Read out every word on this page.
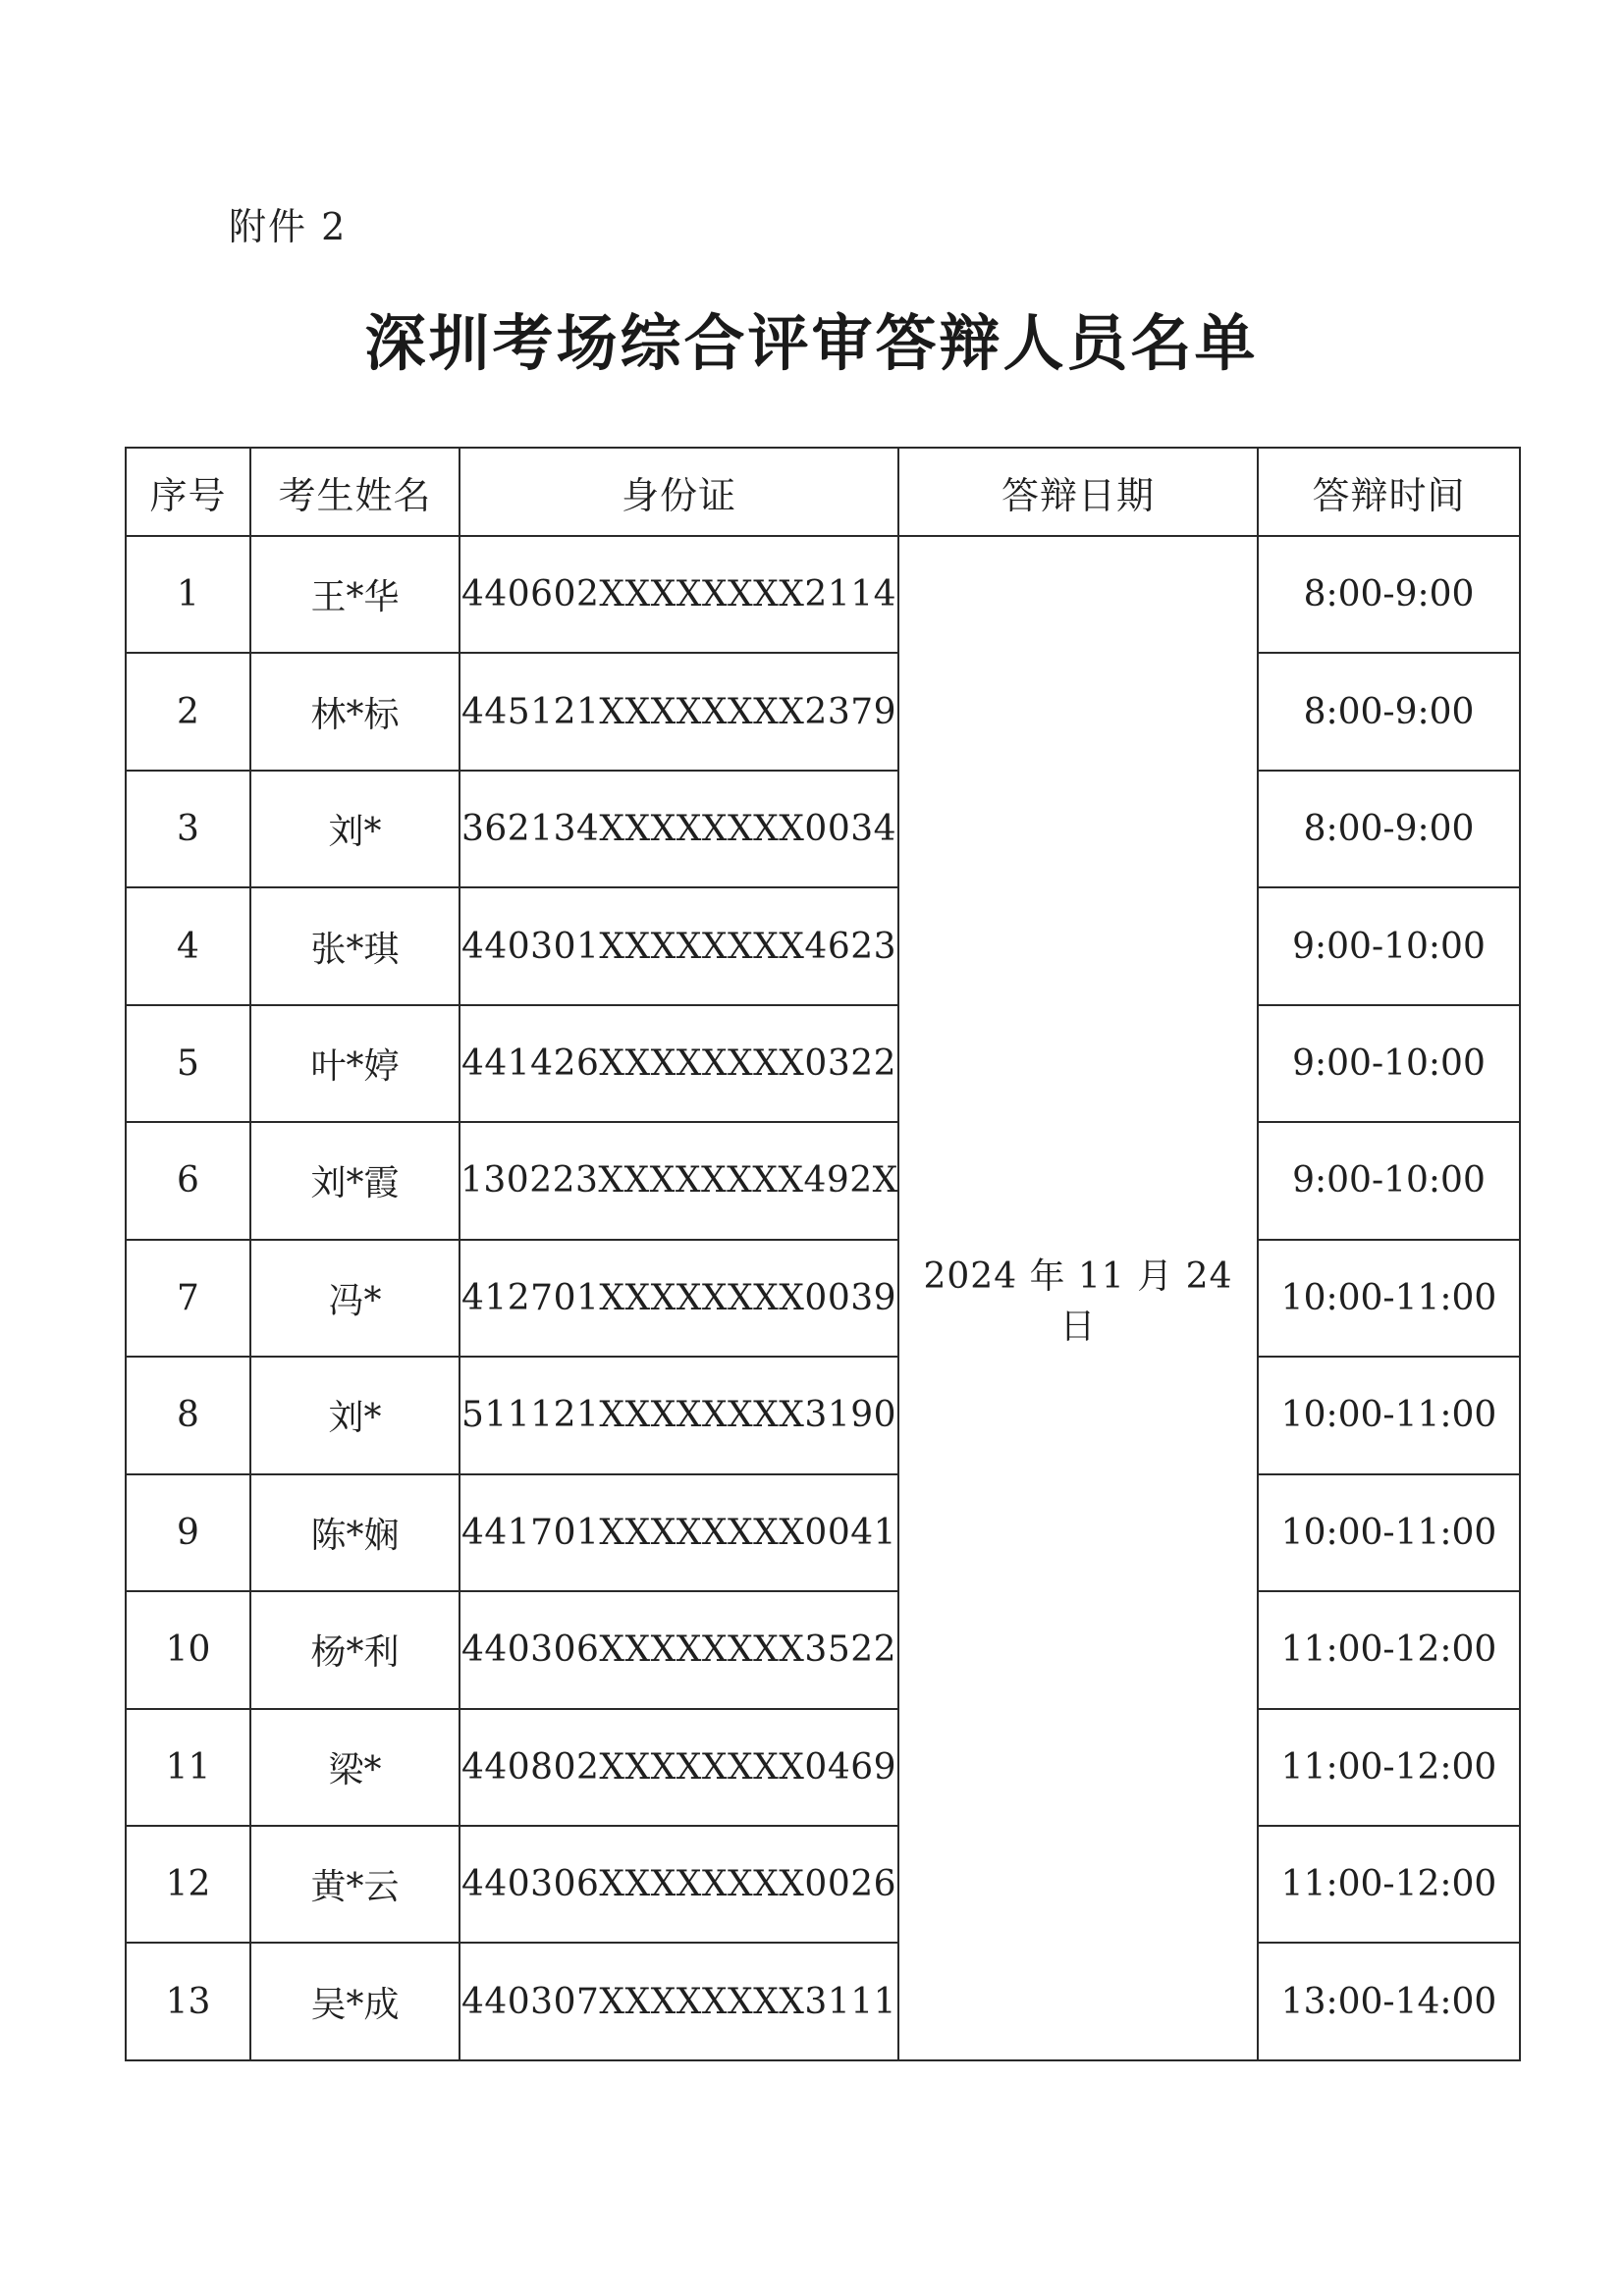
附件 2
深圳考场综合评审答辩人员名单
序号	考生姓名	身份证	答辩日期	答辩时间
1	王*华	440602XXXXXXXX2114	2024 年 11 月 24 日	8:00-9:00
2	林*标	445121XXXXXXXX2379		8:00-9:00
3	刘*	362134XXXXXXXX0034		8:00-9:00
4	张*琪	440301XXXXXXXX4623		9:00-10:00
5	叶*婷	441426XXXXXXXX0322		9:00-10:00
6	刘*霞	130223XXXXXXXX492X		9:00-10:00
7	冯*	412701XXXXXXXX0039		10:00-11:00
8	刘*	511121XXXXXXXX3190		10:00-11:00
9	陈*娴	441701XXXXXXXX0041		10:00-11:00
10	杨*利	440306XXXXXXXX3522		11:00-12:00
11	梁*	440802XXXXXXXX0469		11:00-12:00
12	黄*云	440306XXXXXXXX0026		11:00-12:00
13	吴*成	440307XXXXXXXX3111		13:00-14:00
